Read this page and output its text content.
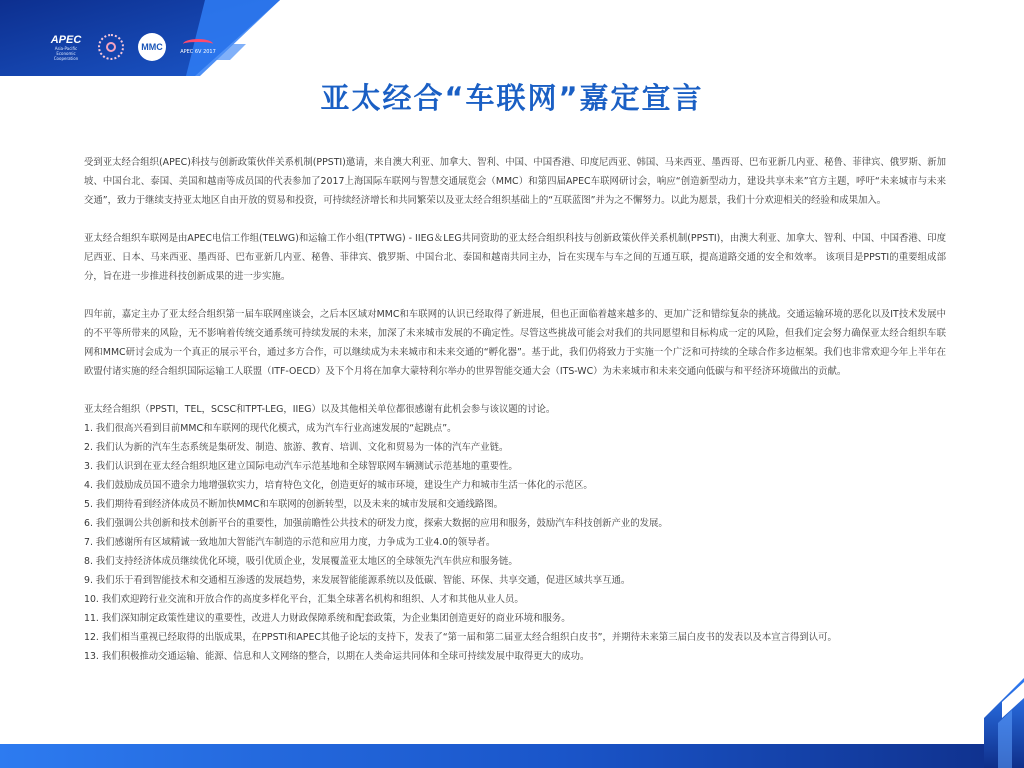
APEC
Asia-Pacific Economic Cooperation
MMC	APEC 6V 2017
亚太经合“车联网”嘉定宣言

受到亚太经合组织(APEC)科技与创新政策伙伴关系机制(PPSTI)邀请，来自澳大利亚、加拿大、智利、中国、中国香港、印度尼西亚、韩国、马来西亚、墨西哥、巴布亚新几内亚、秘鲁、菲律宾、俄罗斯、新加坡、中国台北、泰国、美国和越南等成员国的代表参加了2017上海国际车联网与智慧交通展览会（MMC）和第四届APEC车联网研讨会，响应“创造新型动力，建设共享未来”官方主题，呼吁“未来城市与未来交通”，致力于继续支持亚太地区自由开放的贸易和投资，可持续经济增长和共同繁荣以及亚太经合组织基础上的“互联蓝图”并为之不懈努力。以此为愿景，我们十分欢迎相关的经验和成果加入。

亚太经合组织车联网是由APEC电信工作组(TELWG)和运输工作小组(TPTWG) - IIEG＆LEG共同资助的亚太经合组织科技与创新政策伙伴关系机制(PPSTI)，由澳大利亚、加拿大、智利、中国、中国香港、印度尼西亚、日本、马来西亚、墨西哥、巴布亚新几内亚、秘鲁、菲律宾、俄罗斯、中国台北、泰国和越南共同主办，旨在实现车与车之间的互通互联，提高道路交通的安全和效率。 该项目是PPSTI的重要组成部分，旨在进一步推进科技创新成果的进一步实施。

四年前，嘉定主办了亚太经合组织第一届车联网座谈会，之后本区域对MMC和车联网的认识已经取得了新进展，但也正面临着越来越多的、更加广泛和错综复杂的挑战。交通运输环境的恶化以及IT技术发展中的不平等所带来的风险，无不影响着传统交通系统可持续发展的未来，加深了未来城市发展的不确定性。尽管这些挑战可能会对我们的共同愿望和目标构成一定的风险，但我们定会努力确保亚太经合组织车联网和MMC研讨会成为一个真正的展示平台，通过多方合作，可以继续成为未来城市和未来交通的“孵化器”。基于此，我们仍将致力于实施一个广泛和可持续的全球合作多边框架。我们也非常欢迎今年上半年在欧盟付诸实施的经合组织国际运输工人联盟（ITF-OECD）及下个月将在加拿大蒙特利尔举办的世界智能交通大会（ITS-WC）为未来城市和未来交通向低碳与和平经济环境做出的贡献。

亚太经合组织（PPSTI，TEL，SCSC和TPT-LEG，IIEG）以及其他相关单位都很感谢有此机会参与该议题的讨论。

1. 我们很高兴看到目前MMC和车联网的现代化模式，成为汽车行业高速发展的“起跳点”。
2. 我们认为新的汽车生态系统是集研发、制造、旅游、教育、培训、文化和贸易为一体的汽车产业链。
3. 我们认识到在亚太经合组织地区建立国际电动汽车示范基地和全球智联网车辆测试示范基地的重要性。
4. 我们鼓励成员国不遗余力地增强软实力，培育特色文化，创造更好的城市环境，建设生产力和城市生活一体化的示范区。
5. 我们期待看到经济体成员不断加快MMC和车联网的创新转型，以及未来的城市发展和交通线路图。
6. 我们强调公共创新和技术创新平台的重要性，加强前瞻性公共技术的研发力度，探索大数据的应用和服务，鼓励汽车科技创新产业的发展。
7. 我们感谢所有区域精诚一致地加大智能汽车制造的示范和应用力度，力争成为工业4.0的领导者。
8. 我们支持经济体成员继续优化环境，吸引优质企业，发展覆盖亚太地区的全球领先汽车供应和服务链。
9. 我们乐于看到智能技术和交通相互渗透的发展趋势，来发展智能能源系统以及低碳、智能、环保、共享交通，促进区域共享互通。
10. 我们欢迎跨行业交流和开放合作的高度多样化平台，汇集全球著名机构和组织、人才和其他从业人员。
11. 我们深知制定政策性建议的重要性，改进人力财政保障系统和配套政策，为企业集团创造更好的商业环境和服务。
12. 我们相当重视已经取得的出版成果，在PPSTI和APEC其他子论坛的支持下，发表了“第一届和第二届亚太经合组织白皮书”，并期待未来第三届白皮书的发表以及本宣言得到认可。
13. 我们积极推动交通运输、能源、信息和人文网络的整合，以期在人类命运共同体和全球可持续发展中取得更大的成功。
